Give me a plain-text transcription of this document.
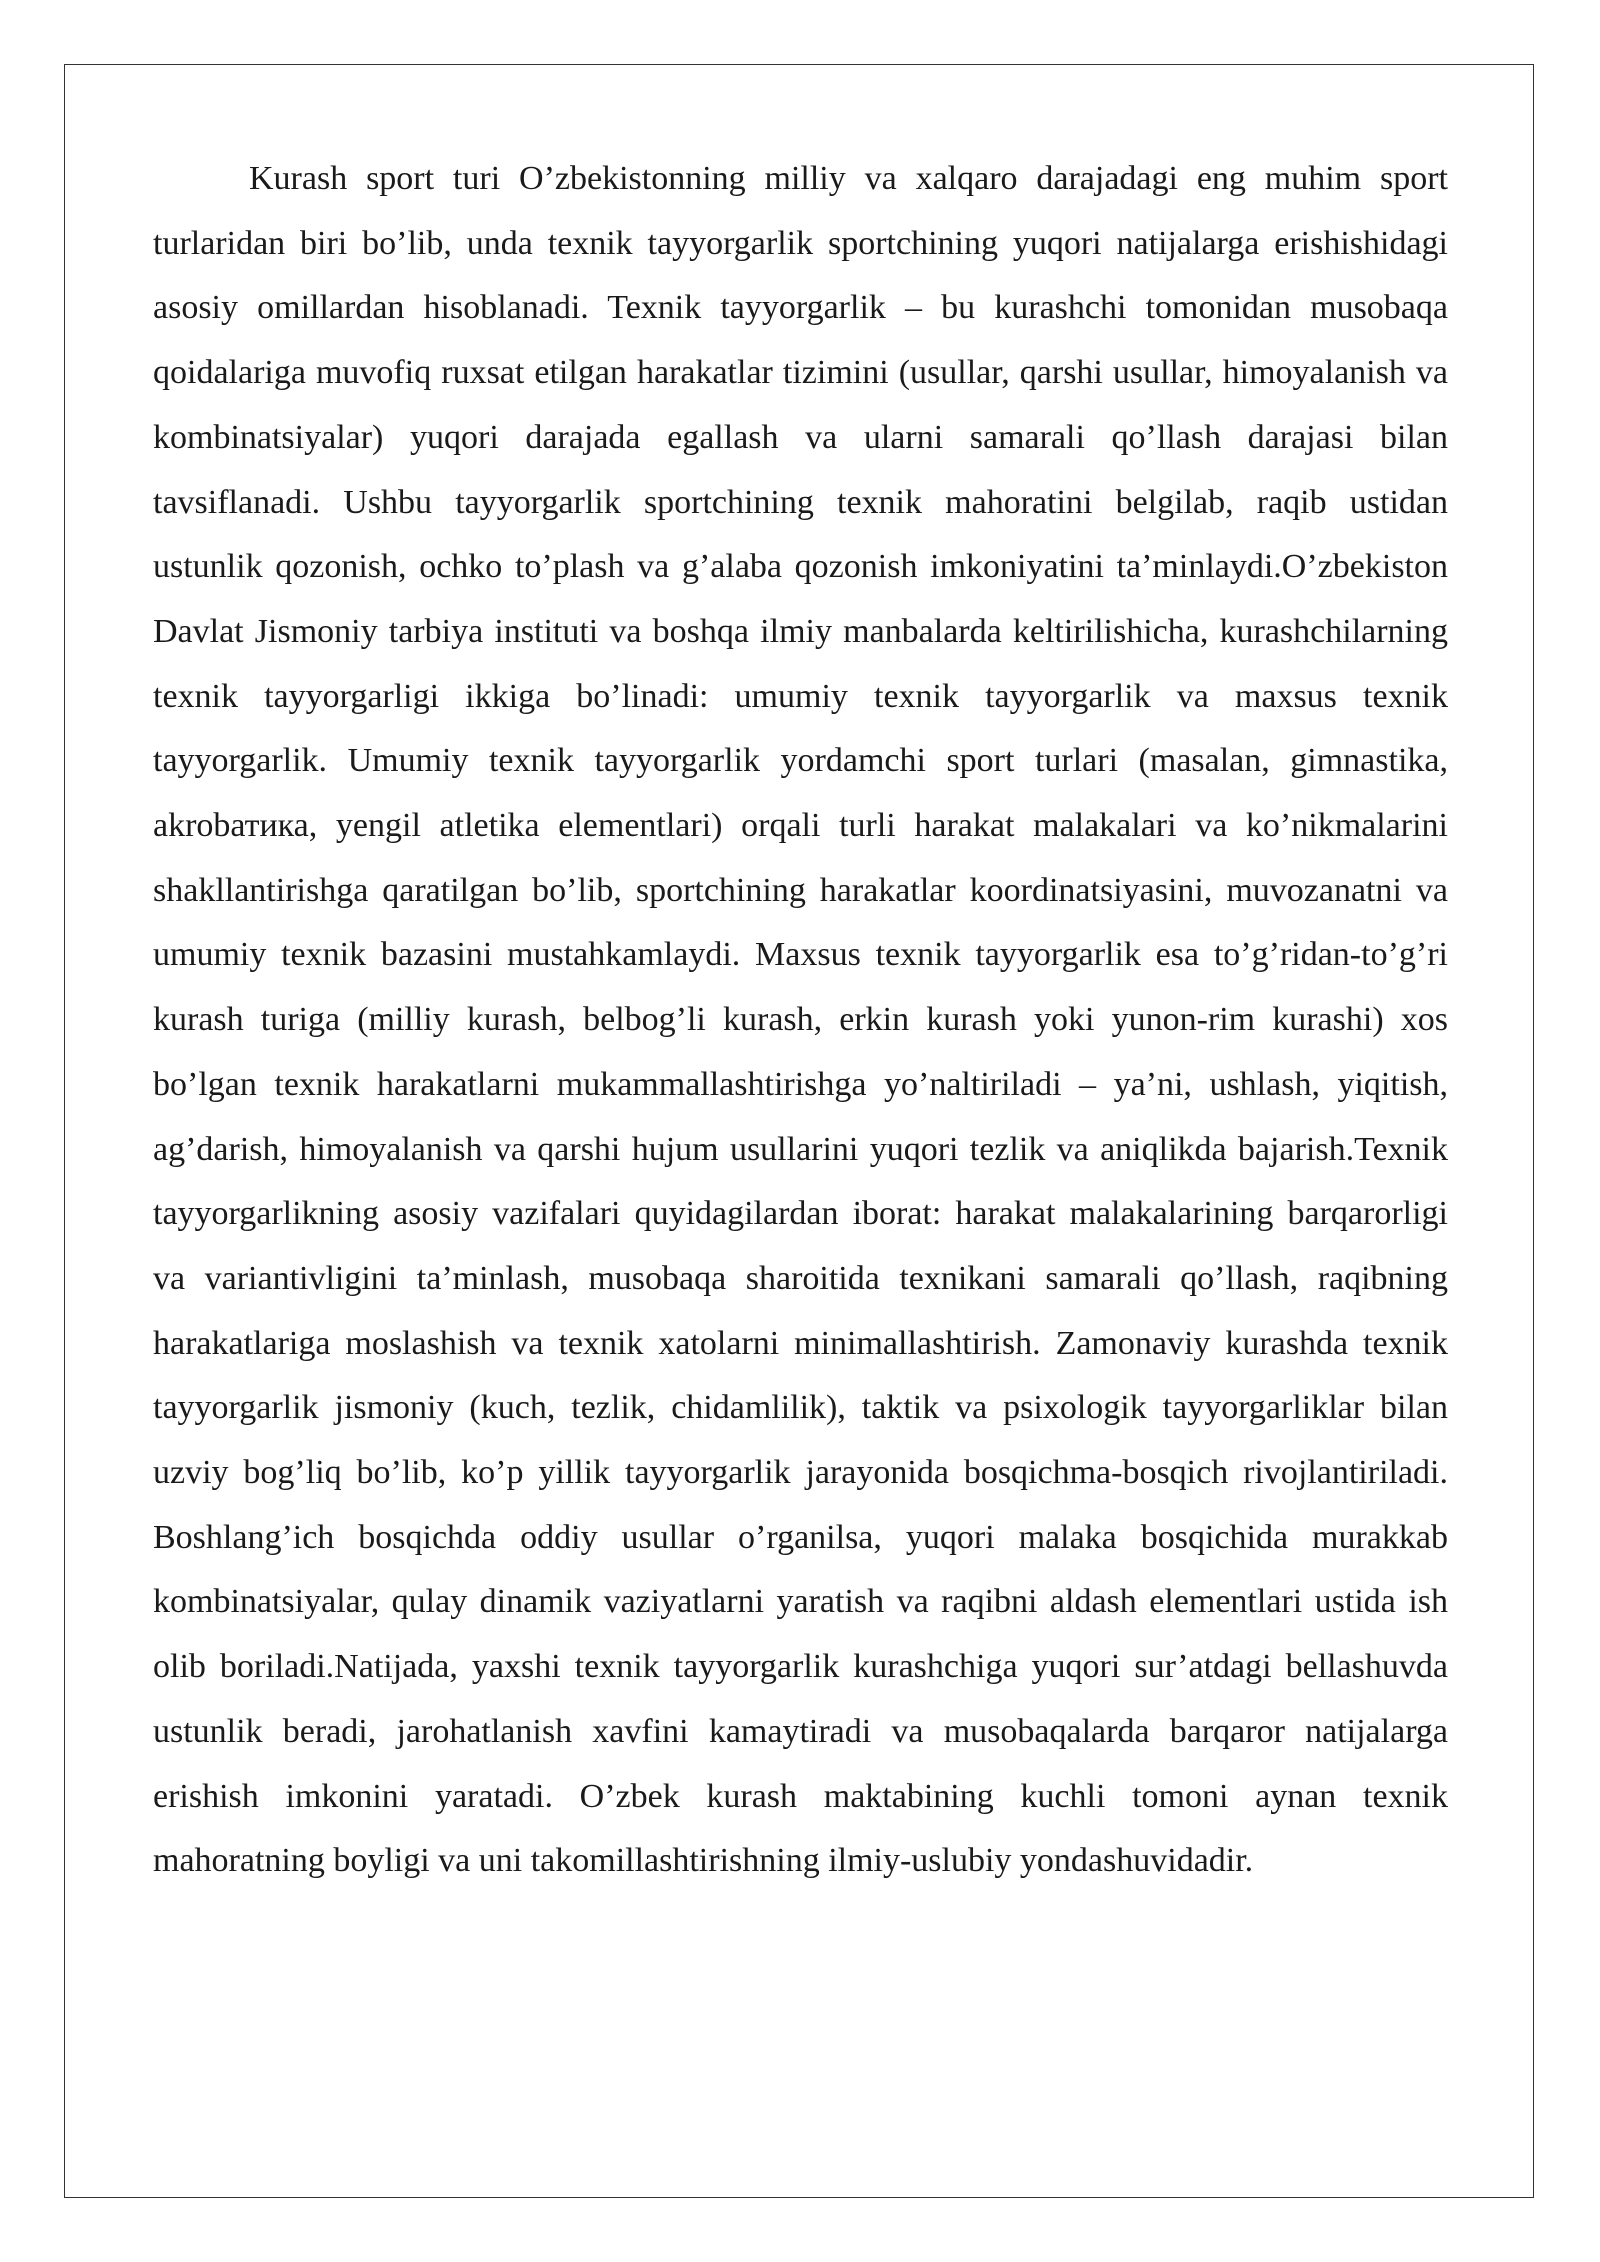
Kurash sport turi O’zbekistonning milliy va xalqaro darajadagi eng muhim sport turlaridan biri bo’lib, unda texnik tayyorgarlik sportchining yuqori natijalarga erishishidagi asosiy omillardan hisoblanadi. Texnik tayyorgarlik – bu kurashchi tomonidan musobaqa qoidalariga muvofiq ruxsat etilgan harakatlar tizimini (usullar, qarshi usullar, himoyalanish va kombinatsiyalar) yuqori darajada egallash va ularni samarali qo’llash darajasi bilan tavsiflanadi. Ushbu tayyorgarlik sportchining texnik mahoratini belgilab, raqib ustidan ustunlik qozonish, ochko to’plash va g’alaba qozonish imkoniyatini ta’minlaydi.O’zbekiston Davlat Jismoniy tarbiya instituti va boshqa ilmiy manbalarda keltirilishicha, kurashchilarning texnik tayyorgarligi ikkiga bo’linadi: umumiy texnik tayyorgarlik va maxsus texnik tayyorgarlik. Umumiy texnik tayyorgarlik yordamchi sport turlari (masalan, gimnastika, akrobатика, yengil atletika elementlari) orqali turli harakat malakalari va ko’nikmalarini shakllantirishga qaratilgan bo’lib, sportchining harakatlar koordinatsiyasini, muvozanatni va umumiy texnik bazasini mustahkamlaydi. Maxsus texnik tayyorgarlik esa to’g’ridan-to’g’ri kurash turiga (milliy kurash, belbog’li kurash, erkin kurash yoki yunon-rim kurashi) xos bo’lgan texnik harakatlarni mukammallashtirishga yo’naltiriladi – ya’ni, ushlash, yiqitish, ag’darish, himoyalanish va qarshi hujum usullarini yuqori tezlik va aniqlikda bajarish.Texnik tayyorgarlikning asosiy vazifalari quyidagilardan iborat: harakat malakalarining barqarorligi va variantivligini ta’minlash, musobaqa sharoitida texnikani samarali qo’llash, raqibning harakatlariga moslashish va texnik xatolarni minimallashtirish. Zamonaviy kurashda texnik tayyorgarlik jismoniy (kuch, tezlik, chidamlilik), taktik va psixologik tayyorgarliklar bilan uzviy bog’liq bo’lib, ko’p yillik tayyorgarlik jarayonida bosqichma-bosqich rivojlantiriladi. Boshlang’ich bosqichda oddiy usullar o’rganilsa, yuqori malaka bosqichida murakkab kombinatsiyalar, qulay dinamik vaziyatlarni yaratish va raqibni aldash elementlari ustida ish olib boriladi.Natijada, yaxshi texnik tayyorgarlik kurashchiga yuqori sur’atdagi bellashuvda ustunlik beradi, jarohatlanish xavfini kamaytiradi va musobaqalarda barqaror natijalarga erishish imkonini yaratadi. O’zbek kurash maktabining kuchli tomoni aynan texnik mahoratning boyligi va uni takomillashtirishning ilmiy-uslubiy yondashuvidadir.
